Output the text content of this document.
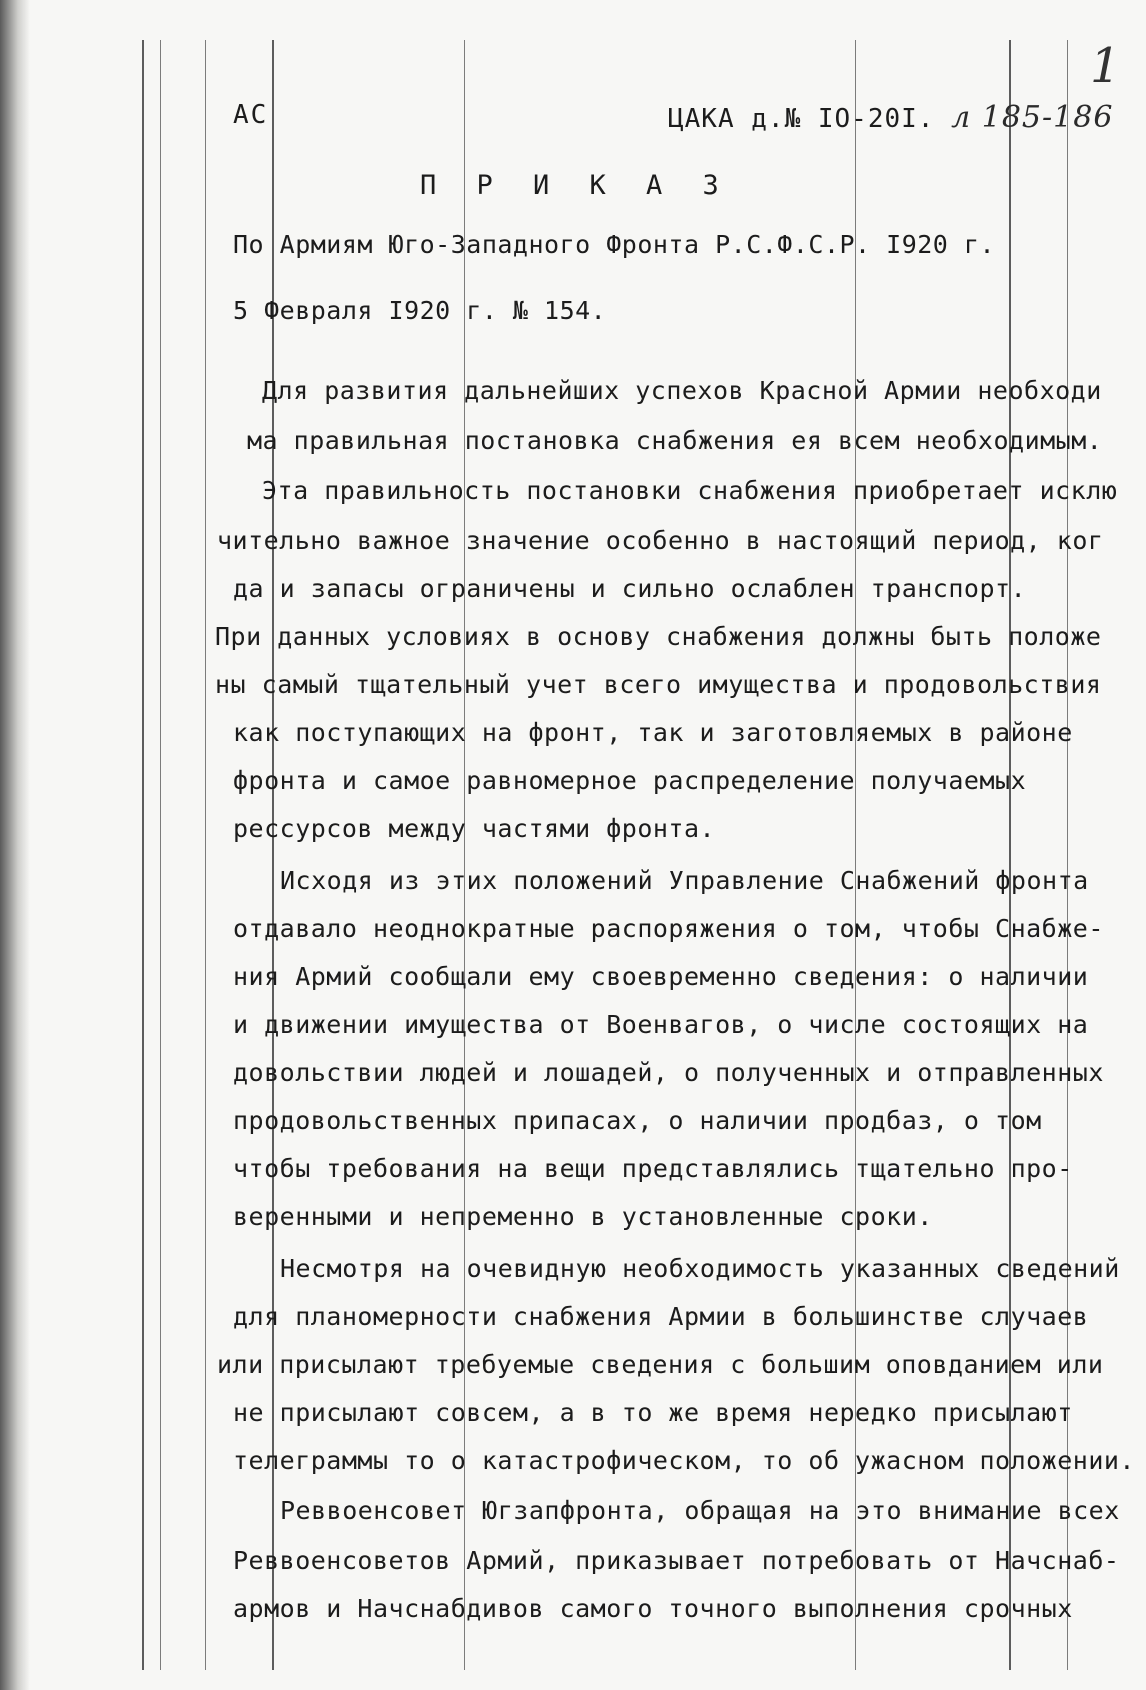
АС	ЦАКА д.№ IO-20I. л 185-186
1
П Р И К А З
По Армиям Юго-Западного Фронта Р.С.Ф.С.Р. I920 г.
5 Февраля I920 г. № 154.
Для развития дальнейших успехов Красной Армии необходи
ма правильная постановка снабжения ея всем необходимым.
Эта правильность постановки снабжения приобретает исклю
чительно важное значение особенно в настоящий период, ког
да и запасы ограничены и сильно ослаблен транспорт.
При данных условиях в основу снабжения должны быть положе
ны самый тщательный учет всего имущества и продовольствия
как поступающих на фронт, так и заготовляемых в районе
фронта и самое равномерное распределение получаемых
рессурсов между частями фронта.
Исходя из этих положений Управление Снабжений фронта
отдавало неоднократные распоряжения о том, чтобы Снабже-
ния Армий сообщали ему своевременно сведения: о наличии
и движении имущества от Военвагов, о числе состоящих на
довольствии людей и лошадей, о полученных и отправленных
продовольственных припасах, о наличии продбаз, о том
чтобы требования на вещи представлялись тщательно про-
веренными и непременно в установленные сроки.
Несмотря на очевидную необходимость указанных сведений
для планомерности снабжения Армии в большинстве случаев
или присылают требуемые сведения с большим оповданием или
не присылают совсем, а в то же время нередко присылают
телеграммы то о катастрофическом, то об ужасном положении.
Реввоенсовет Югзапфронта, обращая на это внимание всех
Реввоенсоветов Армий, приказывает потребовать от Начснаб-
армов и Начснабдивов самого точного выполнения срочных
